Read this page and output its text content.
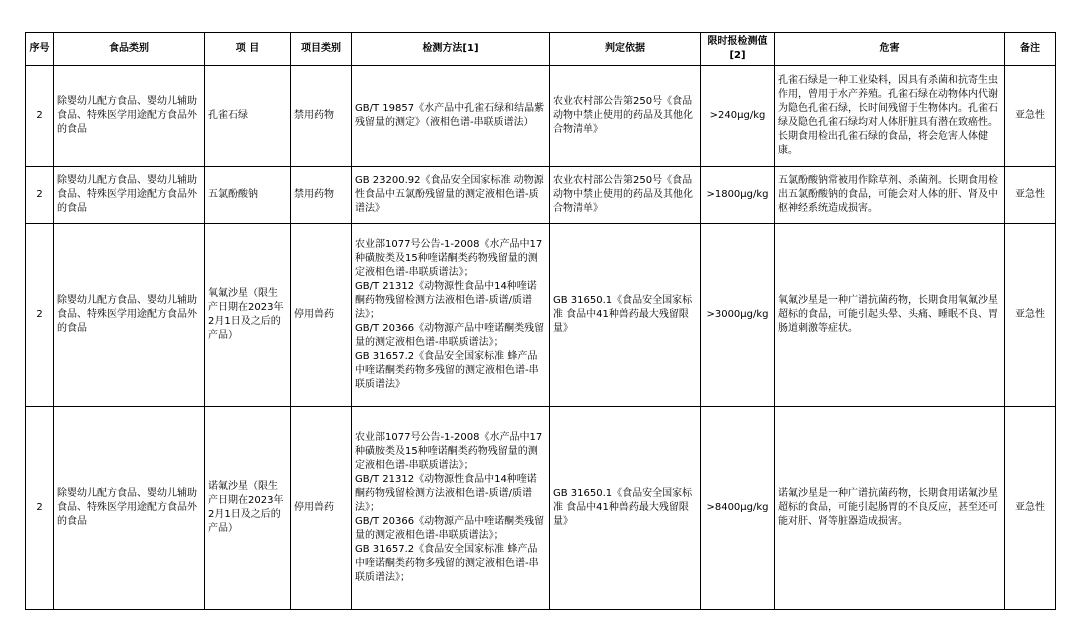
序号	食品类别	项 目	项目类别	检测方法[1]	判定依据	限时报检测值[2]	危害	备注
2	除婴幼儿配方食品、婴幼儿辅助食品、特殊医学用途配方食品外的食品	孔雀石绿	禁用药物	GB/T 19857《水产品中孔雀石绿和结晶紫残留量的测定》（液相色谱-串联质谱法）	农业农村部公告第250号《食品动物中禁止使用的药品及其他化合物清单》	>240μg/kg	孔雀石绿是一种工业染料，因具有杀菌和抗寄生虫作用，曾用于水产养殖。孔雀石绿在动物体内代谢为隐色孔雀石绿，长时间残留于生物体内。孔雀石绿及隐色孔雀石绿均对人体肝脏具有潜在致癌性。长期食用检出孔雀石绿的食品，将会危害人体健康。	亚急性
2	除婴幼儿配方食品、婴幼儿辅助食品、特殊医学用途配方食品外的食品	五氯酚酸钠	禁用药物	GB 23200.92《食品安全国家标准 动物源性食品中五氯酚残留量的测定液相色谱-质谱法》	农业农村部公告第250号《食品动物中禁止使用的药品及其他化合物清单》	>1800μg/kg	五氯酚酸钠常被用作除草剂、杀菌剂。长期食用检出五氯酚酸钠的食品，可能会对人体的肝、肾及中枢神经系统造成损害。	亚急性
2	除婴幼儿配方食品、婴幼儿辅助食品、特殊医学用途配方食品外的食品	氧氟沙星（限生产日期在2023年2月1日及之后的产品）	停用兽药	农业部1077号公告-1-2008《水产品中17种磺胺类及15种喹诺酮类药物残留量的测定液相色谱-串联质谱法》；
GB/T 21312《动物源性食品中14种喹诺酮药物残留检测方法液相色谱-质谱/质谱法》；
GB/T 20366《动物源产品中喹诺酮类残留量的测定液相色谱-串联质谱法》；
GB 31657.2《食品安全国家标准 蜂产品中喹诺酮类药物多残留的测定液相色谱-串联质谱法》	GB 31650.1《食品安全国家标准 食品中41种兽药最大残留限量》	>3000μg/kg	氧氟沙星是一种广谱抗菌药物，长期食用氧氟沙星超标的食品，可能引起头晕、头痛、睡眠不良、胃肠道刺激等症状。	亚急性
2	除婴幼儿配方食品、婴幼儿辅助食品、特殊医学用途配方食品外的食品	诺氟沙星（限生产日期在2023年2月1日及之后的产品）	停用兽药	农业部1077号公告-1-2008《水产品中17种磺胺类及15种喹诺酮类药物残留量的测定液相色谱-串联质谱法》；
GB/T 21312《动物源性食品中14种喹诺酮药物残留检测方法液相色谱-质谱/质谱法》；
GB/T 20366《动物源产品中喹诺酮类残留量的测定液相色谱-串联质谱法》；
GB 31657.2《食品安全国家标准 蜂产品中喹诺酮类药物多残留的测定液相色谱-串联质谱法》；	GB 31650.1《食品安全国家标准 食品中41种兽药最大残留限量》	>8400μg/kg	诺氟沙星是一种广谱抗菌药物，长期食用诺氟沙星超标的食品，可能引起肠胃的不良反应，甚至还可能对肝、肾等脏器造成损害。	亚急性
